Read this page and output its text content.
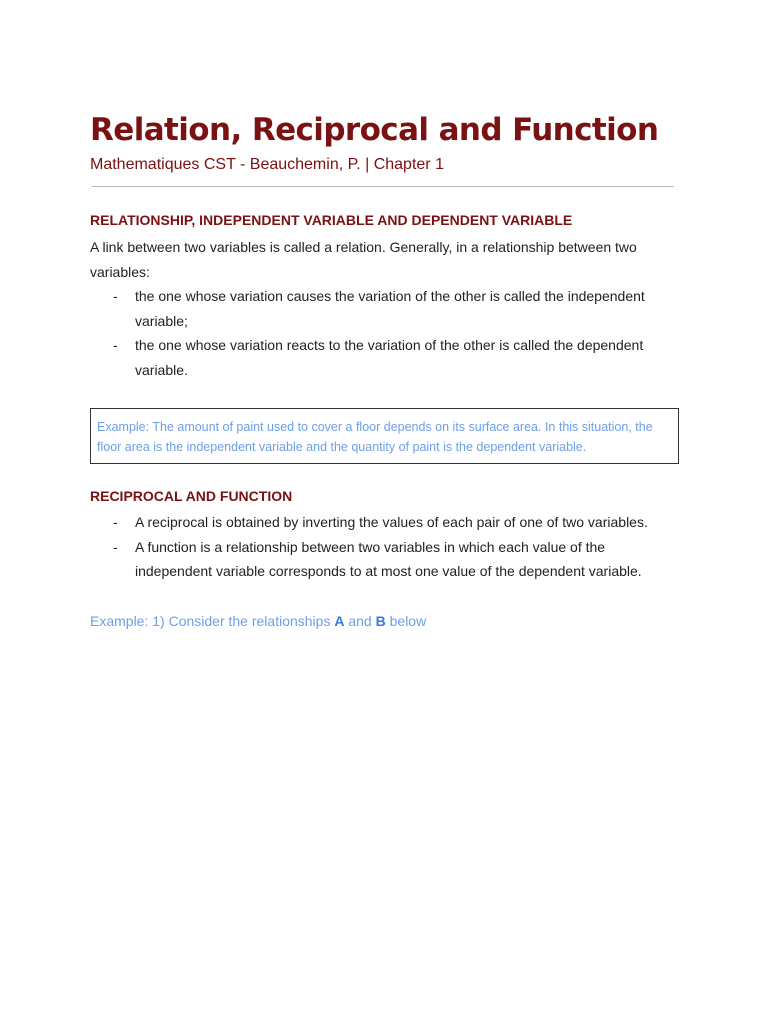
Relation, Reciprocal and Function
Mathematiques CST - Beauchemin, P. | Chapter 1
RELATIONSHIP, INDEPENDENT VARIABLE AND DEPENDENT VARIABLE

A link between two variables is called a relation. Generally, in a relationship between two variables:

- the one whose variation causes the variation of the other is called the independent variable;
- the one whose variation reacts to the variation of the other is called the dependent variable.
Example: The amount of paint used to cover a floor depends on its surface area. In this situation, the floor area is the independent variable and the quantity of paint is the dependent variable.
RECIPROCAL AND FUNCTION
- A reciprocal is obtained by inverting the values of each pair of one of two variables.
- A function is a relationship between two variables in which each value of the independent variable corresponds to at most one value of the dependent variable.
Example: 1) Consider the relationships A and B below
